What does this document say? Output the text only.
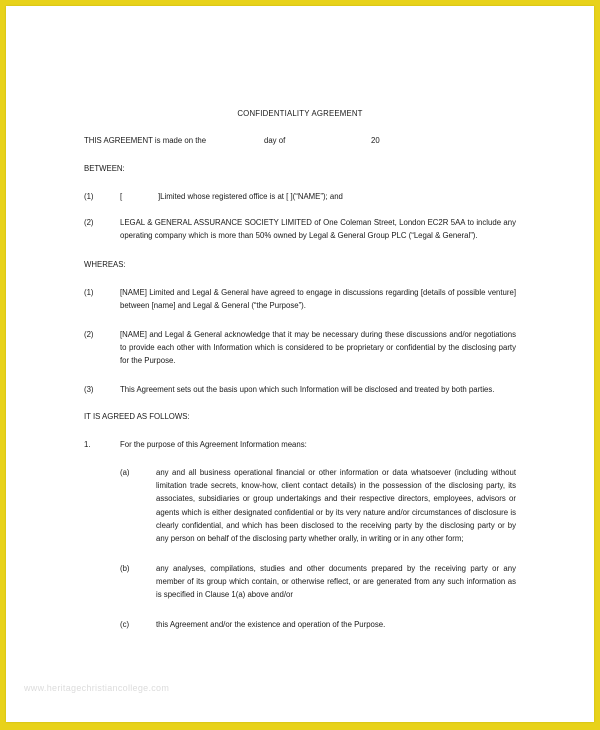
CONFIDENTIALITY AGREEMENT
THIS AGREEMENT is made on the	day of	20
BETWEEN:
(1)	[	]Limited whose registered office is at [ ](“NAME”); and
(2)	LEGAL & GENERAL ASSURANCE SOCIETY LIMITED of One Coleman Street, London EC2R 5AA to include any operating company which is more than 50% owned by Legal & General Group PLC (“Legal & General”).
WHEREAS:
(1)	[NAME] Limited and Legal & General have agreed to engage in discussions regarding [details of possible venture] between [name] and Legal & General (“the Purpose”).
(2)	[NAME] and Legal & General acknowledge that it may be necessary during these discussions and/or negotiations to provide each other with Information which is considered to be proprietary or confidential by the disclosing party for the Purpose.
(3)	This Agreement sets out the basis upon which such Information will be disclosed and treated by both parties.
IT IS AGREED AS FOLLOWS:
1.	For the purpose of this Agreement Information means:
(a)	any and all business operational financial or other information or data whatsoever (including without limitation trade secrets, know-how, client contact details) in the possession of the disclosing party, its associates, subsidiaries or group undertakings and their respective directors, employees, advisors or agents which is either designated confidential or by its very nature and/or circumstances of disclosure is clearly confidential, and which has been disclosed to the receiving party by the disclosing party or by any person on behalf of the disclosing party whether orally, in writing or in any other form;
(b)	any analyses, compilations, studies and other documents prepared by the receiving party or any member of its group which contain, or otherwise reflect, or are generated from any such information as is specified in Clause 1(a) above and/or
(c)	this Agreement and/or the existence and operation of the Purpose.
www.heritagechristiancollege.com
